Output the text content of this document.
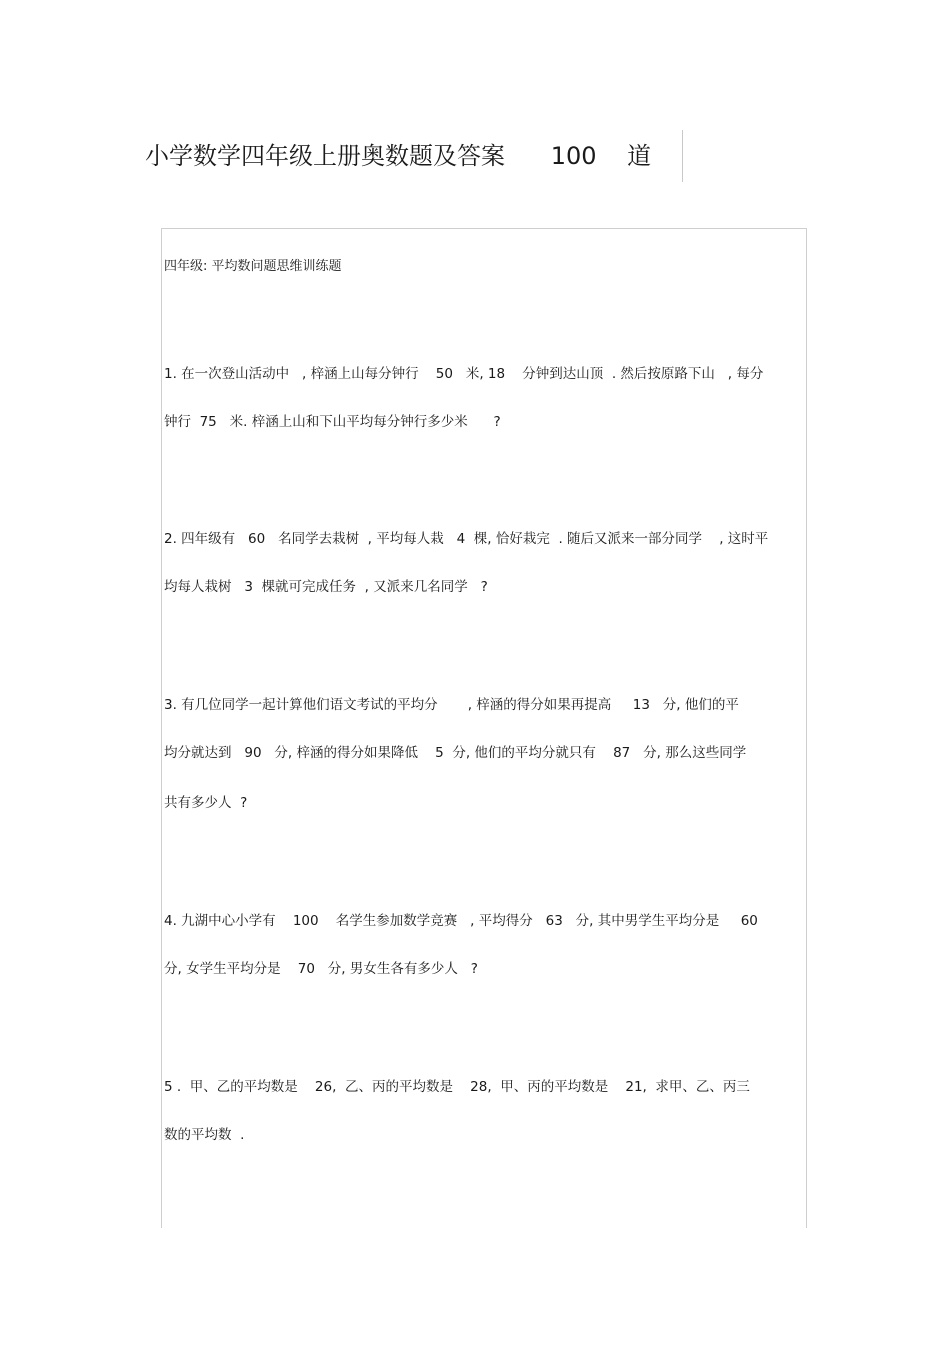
小学数学四年级上册奥数题及答案      100    道
四年级: 平均数问题思维训练题
1. 在一次登山活动中   , 梓涵上山每分钟行    50   米, 18    分钟到达山顶  . 然后按原路下山   , 每分
钟行  75   米. 梓涵上山和下山平均每分钟行多少米      ?
2. 四年级有   60   名同学去栽树  , 平均每人栽   4  棵, 恰好栽完  . 随后又派来一部分同学    , 这时平
均每人栽树   3  棵就可完成任务  , 又派来几名同学   ?
3. 有几位同学一起计算他们语文考试的平均分       , 梓涵的得分如果再提高     13   分, 他们的平
均分就达到   90   分, 梓涵的得分如果降低    5  分, 他们的平均分就只有    87   分, 那么这些同学
共有多少人  ?
4. 九湖中心小学有    100    名学生参加数学竞赛   , 平均得分   63   分, 其中男学生平均分是     60
分, 女学生平均分是    70   分, 男女生各有多少人   ?
5 .  甲、乙的平均数是    26,  乙、丙的平均数是    28,  甲、丙的平均数是    21,  求甲、乙、丙三
数的平均数  .
